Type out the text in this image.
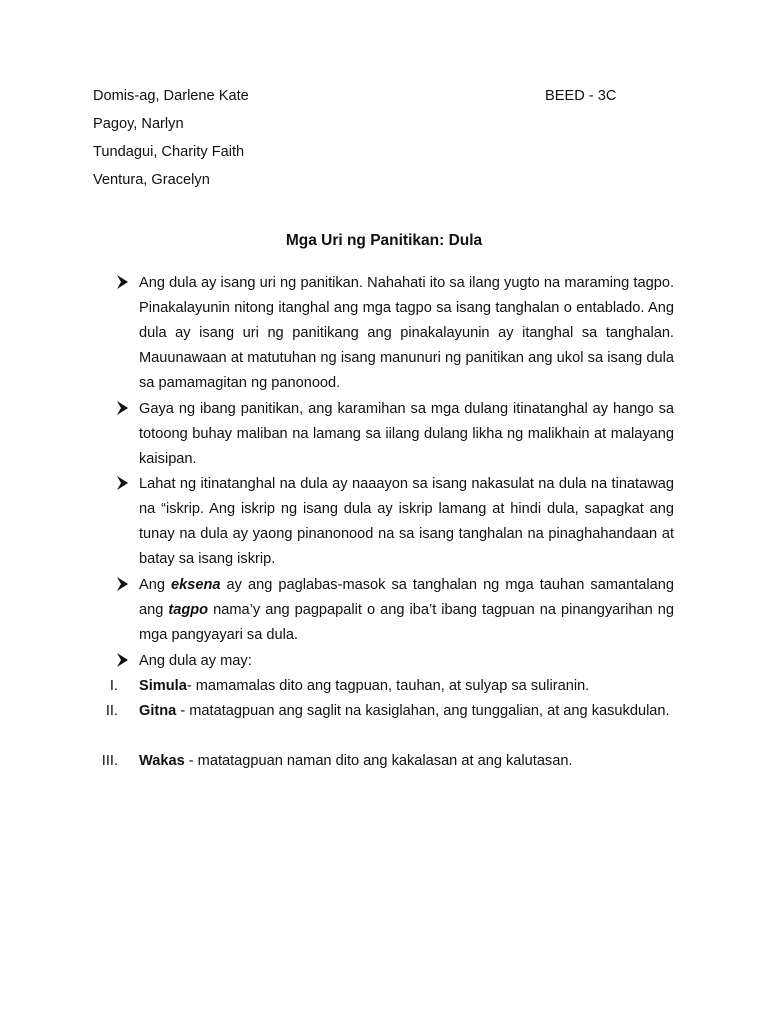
Domis-ag, Darlene Kate
Pagoy, Narlyn
Tundagui, Charity Faith
Ventura, Gracelyn
BEED - 3C
Mga Uri ng Panitikan: Dula
Ang dula ay isang uri ng panitikan. Nahahati ito sa ilang yugto na maraming tagpo. Pinakalayunin nitong itanghal ang mga tagpo sa isang tanghalan o entablado. Ang dula ay isang uri ng panitikang ang pinakalayunin ay itanghal sa tanghalan. Mauunawaan at matutuhan ng isang manunuri ng panitikan ang ukol sa isang dula sa pamamagitan ng panonood.
Gaya ng ibang panitikan, ang karamihan sa mga dulang itinatanghal ay hango sa totoong buhay maliban na lamang sa iilang dulang likha ng malikhain at malayang kaisipan.
Lahat ng itinatanghal na dula ay naaayon sa isang nakasulat na dula na tinatawag na “iskrip. Ang iskrip ng isang dula ay iskrip lamang at hindi dula, sapagkat ang tunay na dula ay yaong pinanonood na sa isang tanghalan na pinaghahandaan at batay sa isang iskrip.
Ang eksena ay ang paglabas-masok sa tanghalan ng mga tauhan samantalang ang tagpo nama’y ang pagpapalit o ang iba’t ibang tagpuan na pinangyarihan ng mga pangyayari sa dula.
Ang dula ay may:
I. Simula- mamamalas dito ang tagpuan, tauhan, at sulyap sa suliranin.
II. Gitna - matatagpuan ang saglit na kasiglahan, ang tunggalian, at ang kasukdulan.
III. Wakas - matatagpuan naman dito ang kakalasan at ang kalutasan.
